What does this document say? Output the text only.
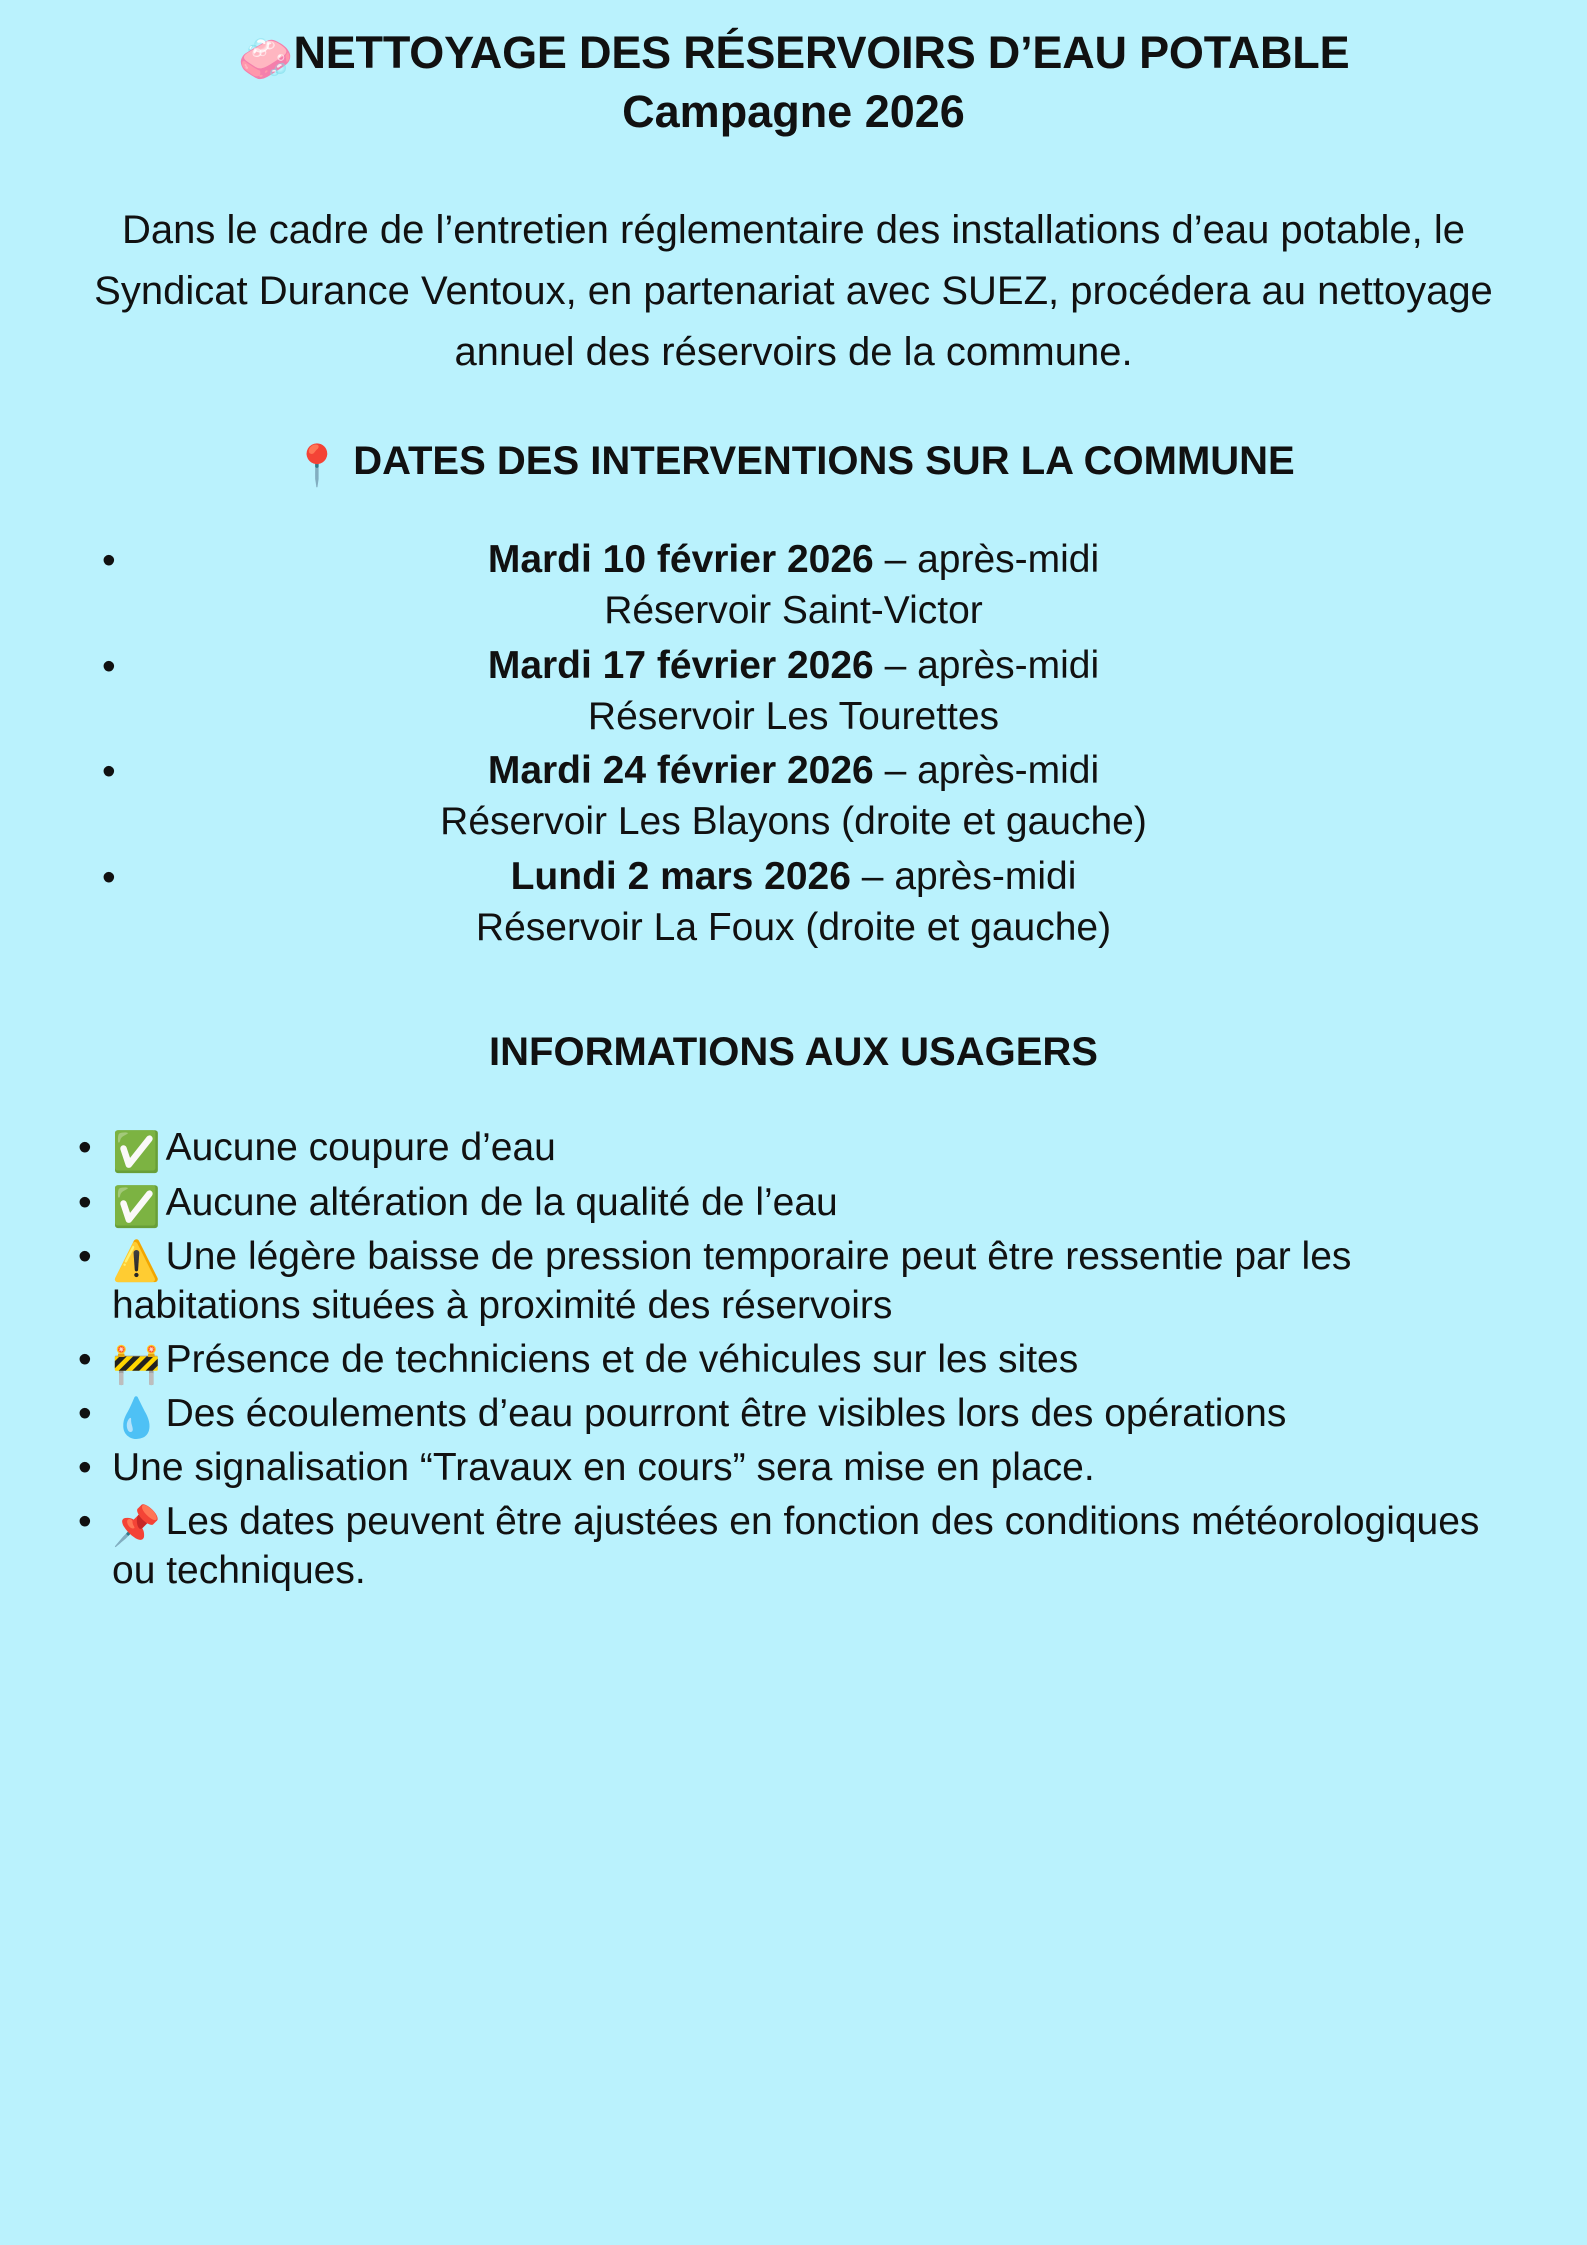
🧼NETTOYAGE DES RÉSERVOIRS D’EAU POTABLE
Campagne 2026
Dans le cadre de l’entretien réglementaire des installations d’eau potable, le Syndicat Durance Ventoux, en partenariat avec SUEZ, procédera au nettoyage annuel des réservoirs de la commune.
📍 DATES DES INTERVENTIONS SUR LA COMMUNE
•	Mardi 10 février 2026 – après-midi
Réservoir Saint-Victor
•	Mardi 17 février 2026 – après-midi
Réservoir Les Tourettes
•	Mardi 24 février 2026 – après-midi
Réservoir Les Blayons (droite et gauche)
•	Lundi 2 mars 2026 – après-midi
Réservoir La Foux (droite et gauche)
INFORMATIONS AUX USAGERS
• ✅ Aucune coupure d’eau
• ✅ Aucune altération de la qualité de l’eau
• ⚠️ Une légère baisse de pression temporaire peut être ressentie par les habitations situées à proximité des réservoirs
• 🚧 Présence de techniciens et de véhicules sur les sites
• 💧 Des écoulements d’eau pourront être visibles lors des opérations
• Une signalisation “Travaux en cours” sera mise en place.
• 📌 Les dates peuvent être ajustées en fonction des conditions météorologiques ou techniques.
